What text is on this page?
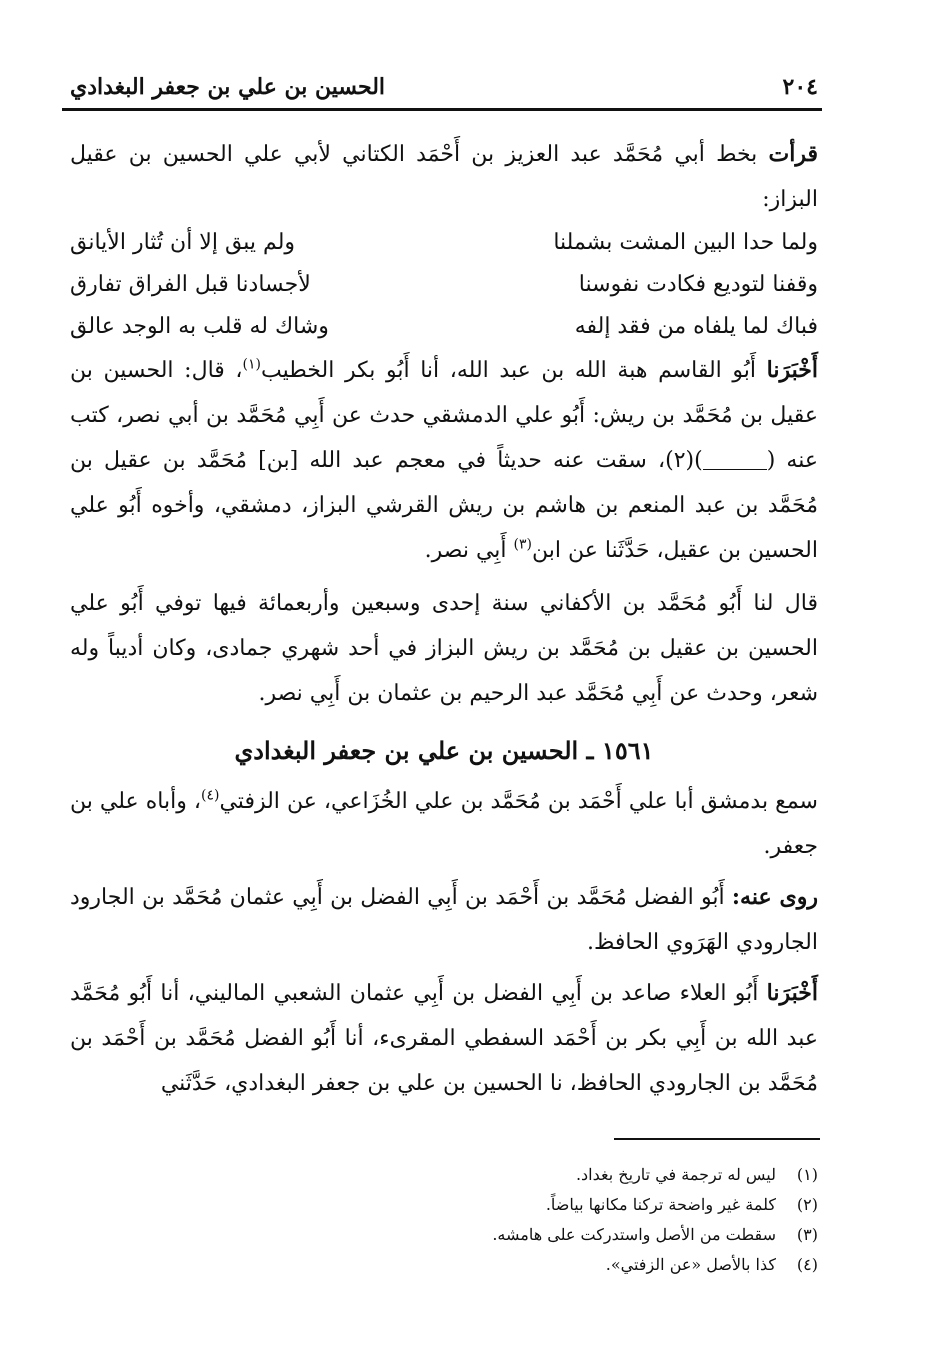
٢٠٤
الحسين بن علي بن جعفر البغدادي

قرأت بخط أبي مُحَمَّد عبد العزيز بن أَحْمَد الكتاني لأبي علي الحسين بن عقيل البزاز:

ولما حدا البين المشت بشملنا
ولم يبق إلا أن تُثار الأيانق
وقفنا لتوديع فكادت نفوسنا
لأجسادنا قبل الفراق تفارق
فباك لما يلفاه من فقد إلفه
وشاك له قلب به الوجد عالق

أَخْبَرَنا أَبُو القاسم هبة الله بن عبد الله، أنا أَبُو بكر الخطيب$^{(١)}$، قال: الحسين بن عقيل بن مُحَمَّد بن ريش: أَبُو علي الدمشقي حدث عن أَبِي مُحَمَّد بن أبي نصر، كتب عنه ()(٢)، سقت عنه حديثاً في معجم عبد الله [بن] مُحَمَّد بن عقيل بن مُحَمَّد بن عبد المنعم بن هاشم بن ريش القرشي البزاز، دمشقي، وأخوه أَبُو علي الحسين بن عقيل، حَدَّثَنا عن ابن$^{(٣)}$ أَبِي نصر.

قال لنا أَبُو مُحَمَّد بن الأكفاني سنة إحدى وسبعين وأربعمائة فيها توفي أَبُو علي الحسين بن عقيل بن مُحَمَّد بن ريش البزاز في أحد شهري جمادى، وكان أديباً وله شعر، وحدث عن أَبِي مُحَمَّد عبد الرحيم بن عثمان بن أَبِي نصر.

١٥٦١ ـ الحسين بن علي بن جعفر البغدادي

سمع بدمشق أبا علي أَحْمَد بن مُحَمَّد بن علي الخُزَاعي، عن الزفتي$^{(٤)}$، وأباه علي بن جعفر.

روى عنه: أَبُو الفضل مُحَمَّد بن أَحْمَد بن أَبِي الفضل بن أَبِي عثمان مُحَمَّد بن الجارود الجارودي الهَرَوي الحافظ.

أَخْبَرَنا أَبُو العلاء صاعد بن أَبِي الفضل بن أَبِي عثمان الشعبي الماليني، أنا أَبُو مُحَمَّد عبد الله بن أَبِي بكر بن أَحْمَد السفطي المقرىء، أنا أَبُو الفضل مُحَمَّد بن أَحْمَد بن مُحَمَّد بن الجارودي الحافظ، نا الحسين بن علي بن جعفر البغدادي، حَدَّثَني

(١)
ليس له ترجمة في تاريخ بغداد.
(٢)
كلمة غير واضحة تركنا مكانها بياضاً.
(٣)
سقطت من الأصل واستدركت على هامشه.
(٤)
كذا بالأصل «عن الزفتي».
